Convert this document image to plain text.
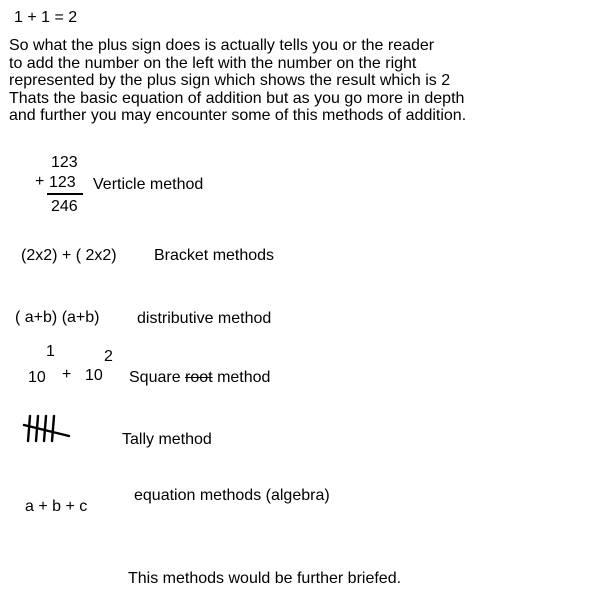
1 + 1 = 2
So what the plus sign does is actually tells you or the reader
to add the number on the left with the number on the right
represented by the plus sign which shows the result which is 2
Thats the basic equation of addition but as you go more in depth
and further you may encounter some of this methods of addition.
123
+ 123
246
Verticle method
(2x2) + ( 2x2) Bracket methods
( a+b) (a+b) distributive method
1
10 +
2
10 Square root method
Tally method
equation methods (algebra)
a + b + c
This methods would be further briefed.
